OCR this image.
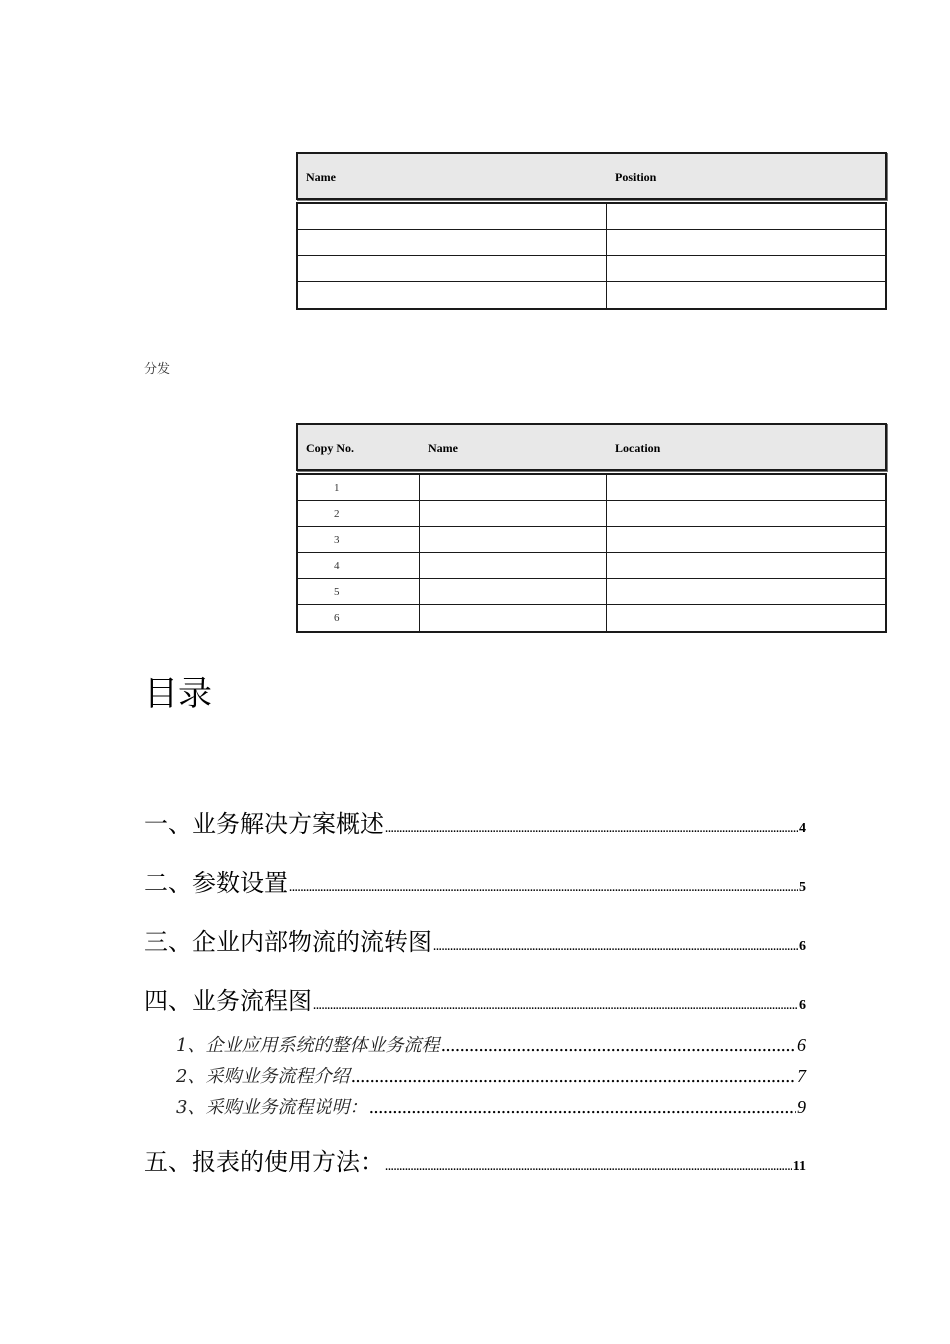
Name	Position
分发
Copy No.	Name	Location
1
2
3
4
5
6
目录
一、业务解决方案概述 .....	4
二、参数设置 .....	5
三、企业内部物流的流转图 .....	6
四、业务流程图 .....	6
1、企业应用系统的整体业务流程 .....	6
2、采购业务流程介绍 .....	7
3、采购业务流程说明： .....	9
五、报表的使用方法： .....	11
